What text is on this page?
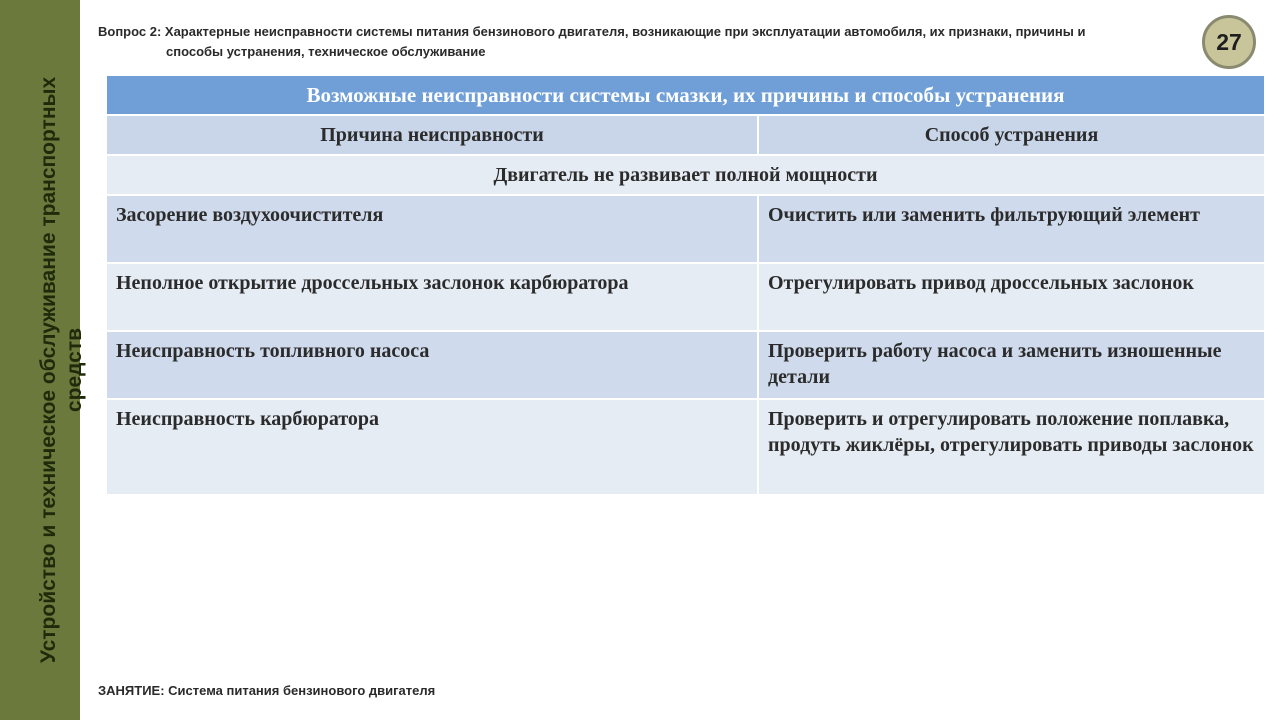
Устройство и техническое обслуживание транспортных средств
Вопрос 2: Характерные неисправности системы питания бензинового двигателя, возникающие при эксплуатации автомобиля, их признаки, причины и
способы устранения, техническое обслуживание	27
Возможные неисправности системы смазки, их причины и способы устранения
Причина неисправности	Способ устранения
Двигатель не развивает полной мощности
Засорение воздухоочистителя	Очистить или заменить фильтрующий элемент
Неполное открытие дроссельных заслонок карбюратора	Отрегулировать привод дроссельных заслонок
Неисправность топливного насоса	Проверить работу насоса и заменить изношенные детали
Неисправность карбюратора	Проверить и отрегулировать положение поплавка, продуть жиклёры, отрегулировать приводы заслонок
ЗАНЯТИЕ: Система питания бензинового двигателя
